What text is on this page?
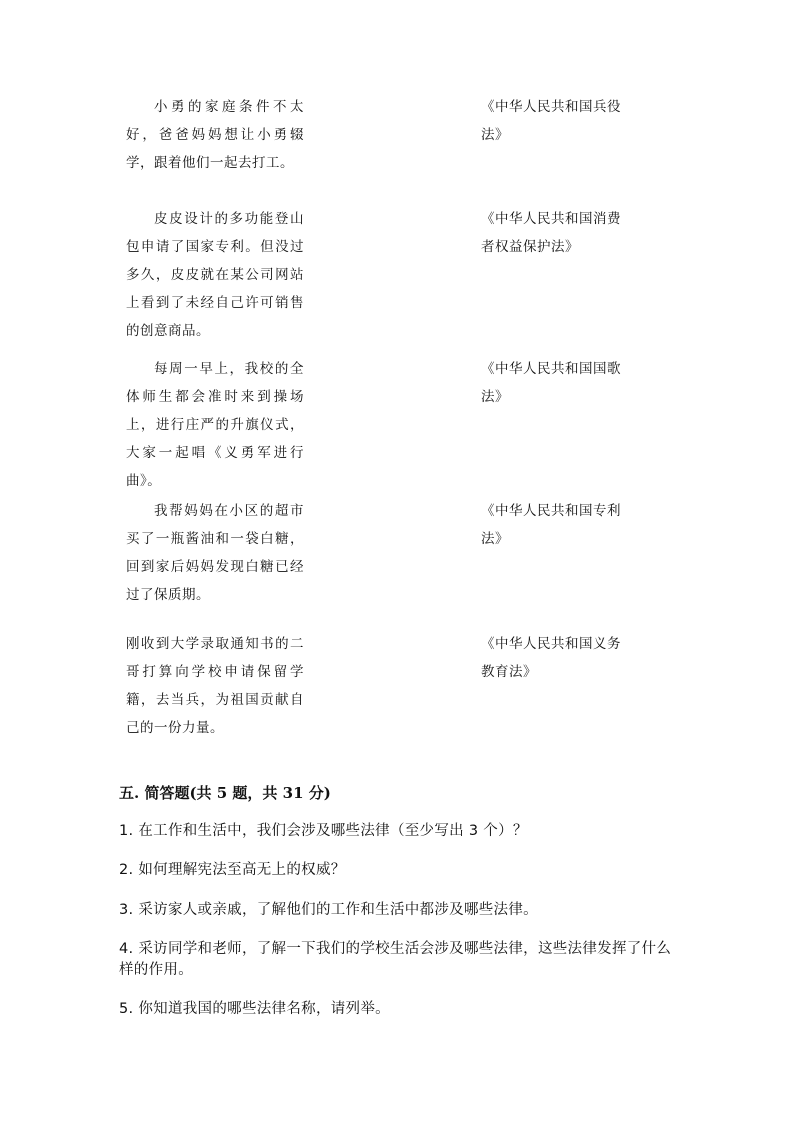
小勇的家庭条件不太好，爸爸妈妈想让小勇辍学，跟着他们一起去打工。
皮皮设计的多功能登山包申请了国家专利。但没过多久，皮皮就在某公司网站上看到了未经自己许可销售的创意商品。
每周一早上，我校的全体师生都会准时来到操场上，进行庄严的升旗仪式，大家一起唱《义勇军进行曲》。
我帮妈妈在小区的超市买了一瓶酱油和一袋白糖，回到家后妈妈发现白糖已经过了保质期。
刚收到大学录取通知书的二哥打算向学校申请保留学籍，去当兵，为祖国贡献自己的一份力量。
《中华人民共和国兵役法》
《中华人民共和国消费者权益保护法》
《中华人民共和国国歌法》
《中华人民共和国专利法》
《中华人民共和国义务教育法》
五. 简答题(共 5 题，共 31 分)
1. 在工作和生活中，我们会涉及哪些法律（至少写出 3 个）？
2. 如何理解宪法至高无上的权威？
3. 采访家人或亲戚，了解他们的工作和生活中都涉及哪些法律。
4. 采访同学和老师，了解一下我们的学校生活会涉及哪些法律，这些法律发挥了什么样的作用。
5. 你知道我国的哪些法律名称，请列举。
